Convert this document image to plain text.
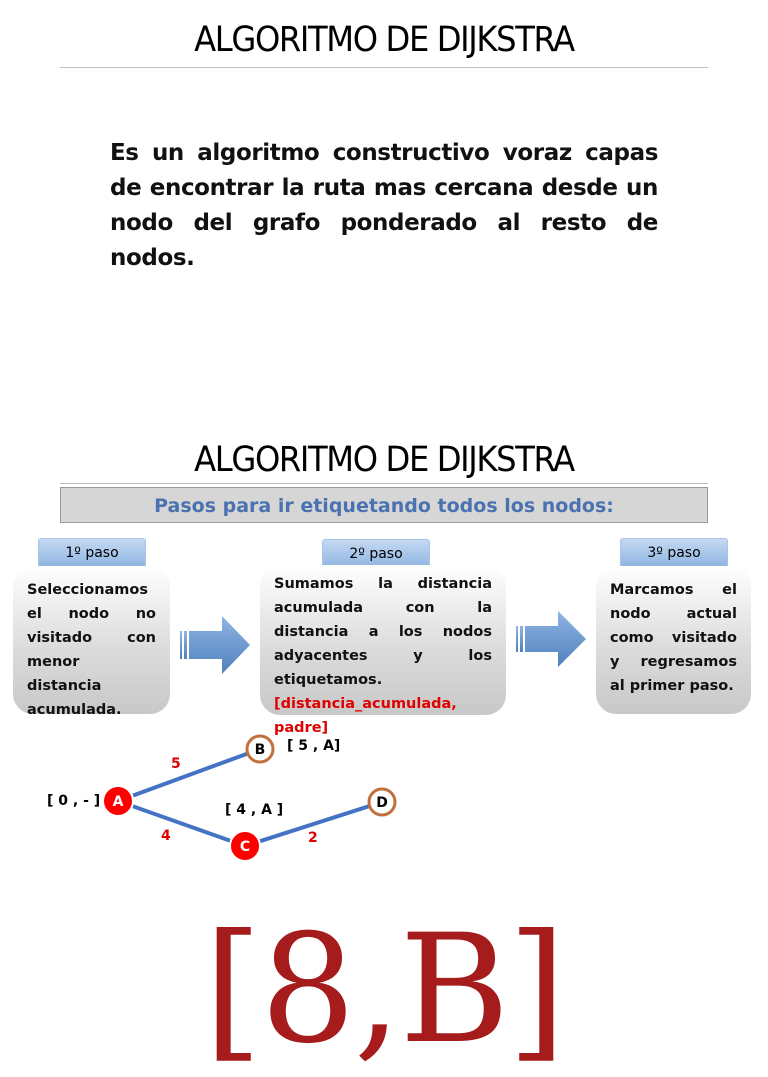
ALGORITMO DE DIJKSTRA
Es un algoritmo constructivo voraz capas de encontrar la ruta mas cercana desde un nodo del grafo ponderado al resto de nodos.
ALGORITMO DE DIJKSTRA
Pasos para ir etiquetando todos los nodos:
1º paso	2º paso	3º paso
Seleccionamos el nodo no visitado con menor distancia acumulada.
Sumamos la distancia acumulada con la distancia a los nodos adyacentes y los etiquetamos. [distancia_acumulada, padre]
Marcamos el nodo actual como visitado y regresamos al primer paso.
A
B
C
D
[ 0 , - ]
[ 5 , A]
[ 4 , A ]
5
4	2
[8,B]
